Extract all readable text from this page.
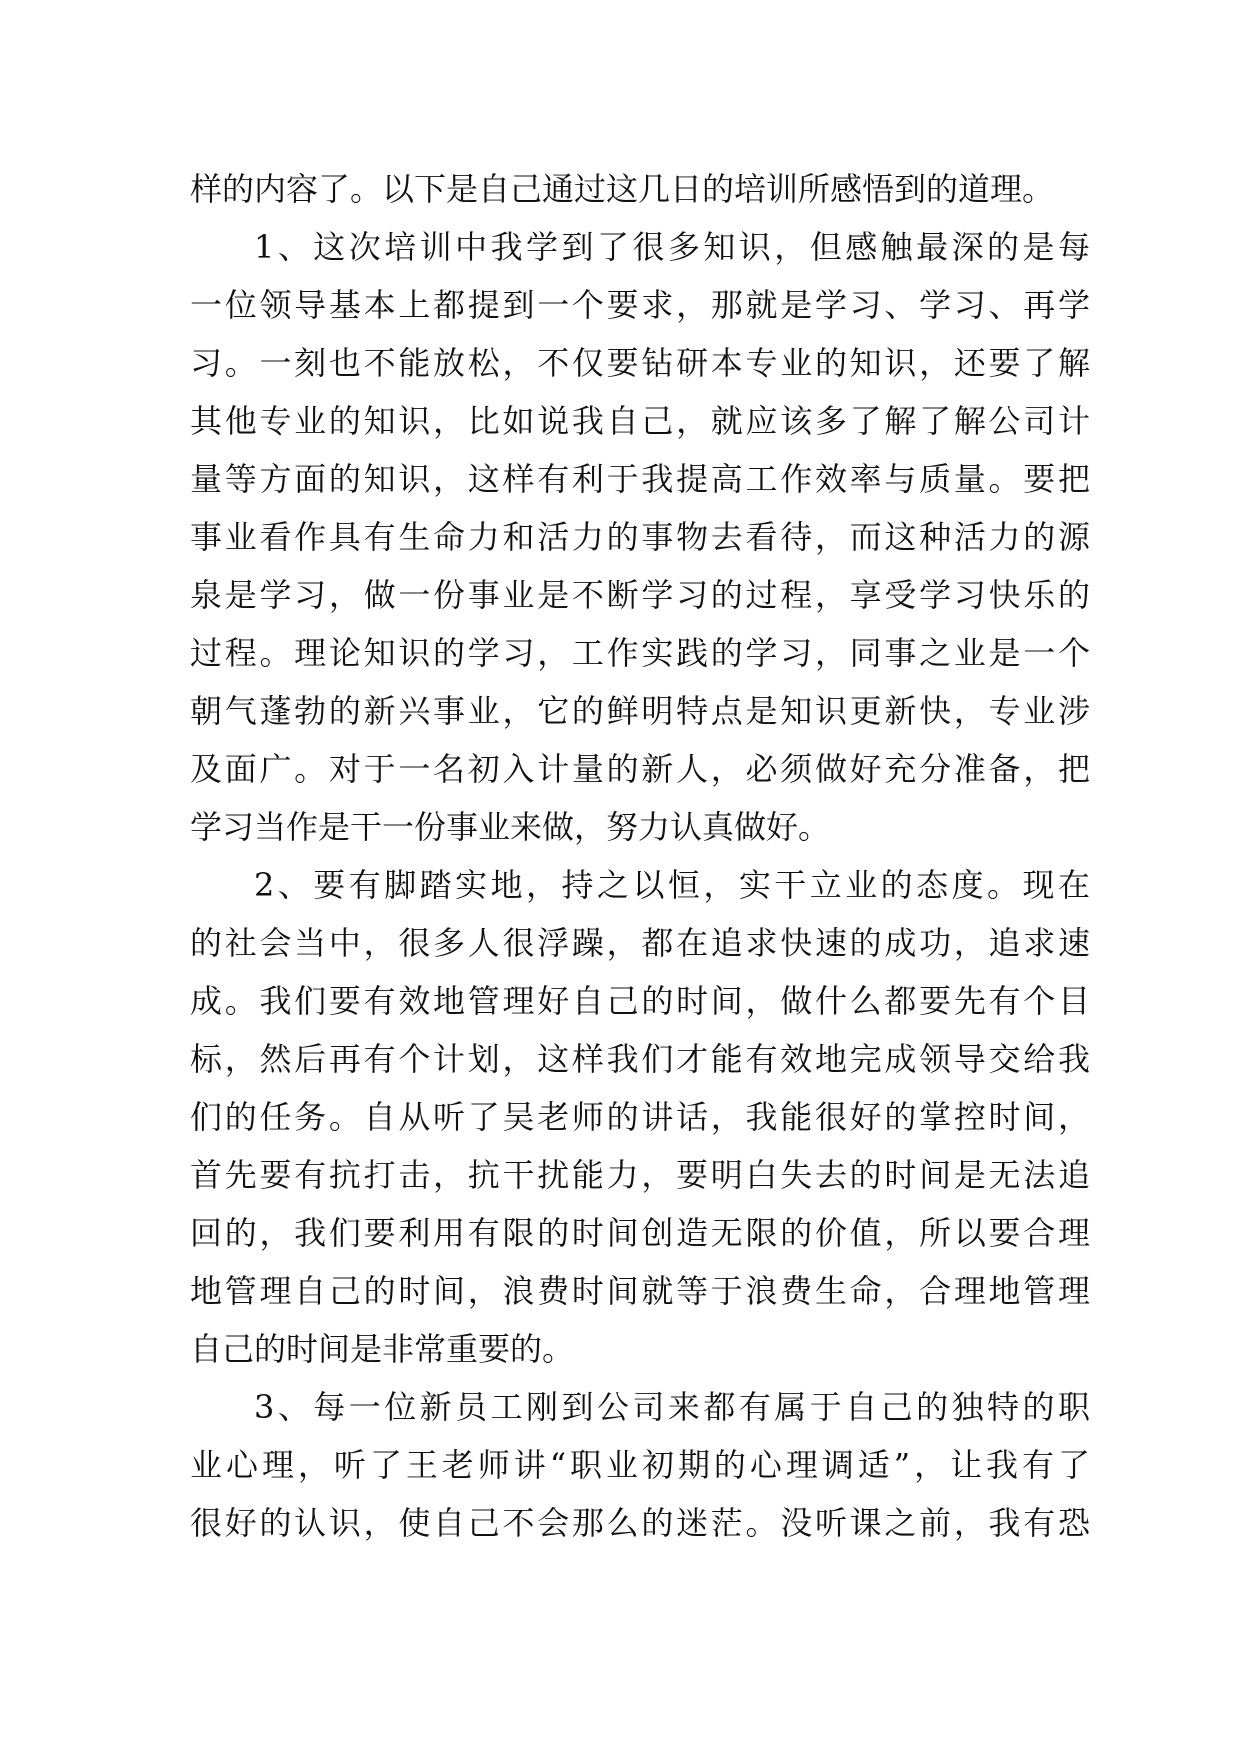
样的内容了。以下是自己通过这几日的培训所感悟到的道理。
1、这次培训中我学到了很多知识，但感触最深的是每
一位领导基本上都提到一个要求，那就是学习、学习、再学
习。一刻也不能放松，不仅要钻研本专业的知识，还要了解
其他专业的知识，比如说我自己，就应该多了解了解公司计
量等方面的知识，这样有利于我提高工作效率与质量。要把
事业看作具有生命力和活力的事物去看待，而这种活力的源
泉是学习，做一份事业是不断学习的过程，享受学习快乐的
过程。理论知识的学习，工作实践的学习，同事之业是一个
朝气蓬勃的新兴事业，它的鲜明特点是知识更新快，专业涉
及面广。对于一名初入计量的新人，必须做好充分准备，把
学习当作是干一份事业来做，努力认真做好。
2、要有脚踏实地，持之以恒，实干立业的态度。现在
的社会当中，很多人很浮躁，都在追求快速的成功，追求速
成。我们要有效地管理好自己的时间，做什么都要先有个目
标，然后再有个计划，这样我们才能有效地完成领导交给我
们的任务。自从听了吴老师的讲话，我能很好的掌控时间，
首先要有抗打击，抗干扰能力，要明白失去的时间是无法追
回的，我们要利用有限的时间创造无限的价值，所以要合理
地管理自己的时间，浪费时间就等于浪费生命，合理地管理
自己的时间是非常重要的。
3、每一位新员工刚到公司来都有属于自己的独特的职
业心理，听了王老师讲“职业初期的心理调适”，让我有了
很好的认识，使自己不会那么的迷茫。没听课之前，我有恐
